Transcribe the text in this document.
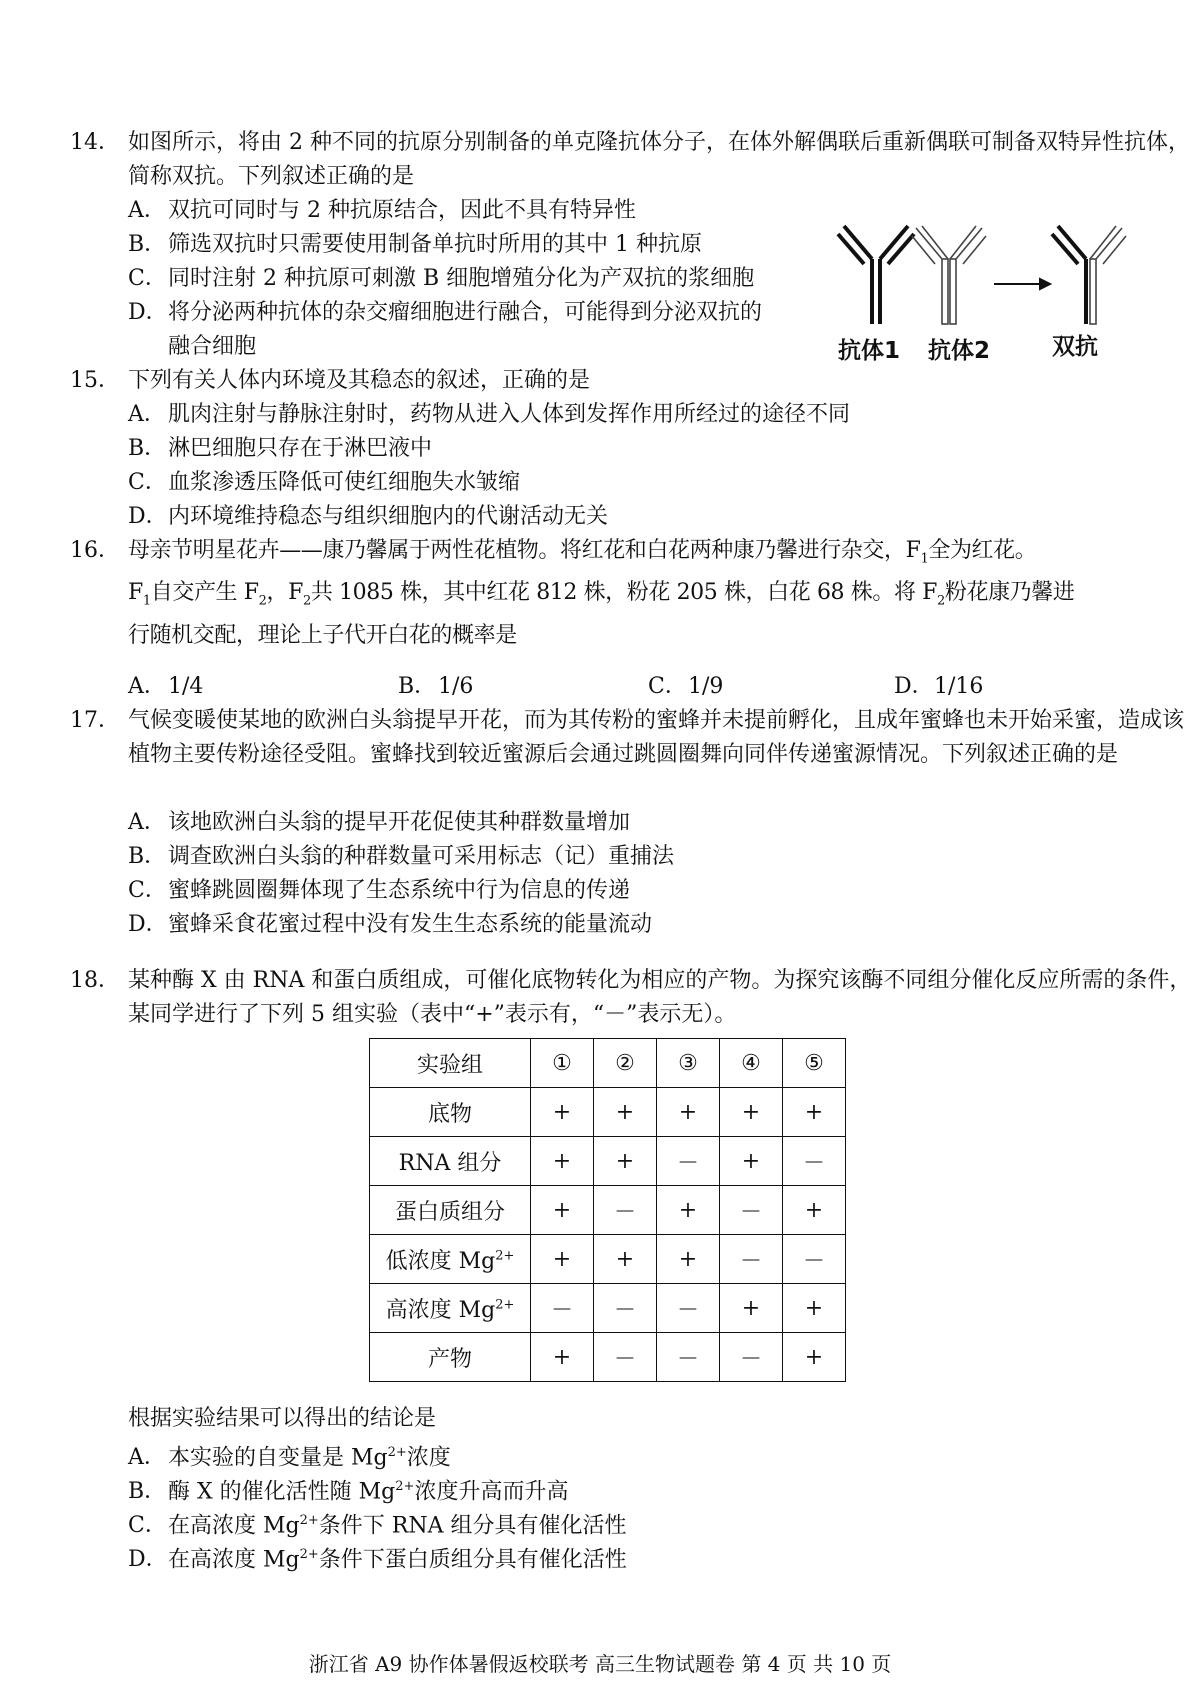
14． 如图所示，将由 2 种不同的抗原分别制备的单克隆抗体分子，在体外解偶联后重新偶联可制备双特异性抗体，简称双抗。下列叙述正确的是
A．双抗可同时与 2 种抗原结合，因此不具有特异性
B．筛选双抗时只需要使用制备单抗时所用的其中 1 种抗原
C．同时注射 2 种抗原可刺激 B 细胞增殖分化为产双抗的浆细胞
D．将分泌两种抗体的杂交瘤细胞进行融合，可能得到分泌双抗的
融合细胞	抗体1 抗体2	双抗
15． 下列有关人体内环境及其稳态的叙述，正确的是
A．肌肉注射与静脉注射时，药物从进入人体到发挥作用所经过的途径不同
B．淋巴细胞只存在于淋巴液中
C．血浆渗透压降低可使红细胞失水皱缩
D．内环境维持稳态与组织细胞内的代谢活动无关
16． 母亲节明星花卉——康乃馨属于两性花植物。将红花和白花两种康乃馨进行杂交，$F_1$全为红花。
$F_1$自交产生 $F_2$，$F_2$共 1085 株，其中红花 812 株，粉花 205 株，白花 68 株。将 $F_2$粉花康乃馨进
行随机交配，理论上子代开白花的概率是
A．1/4	B．1/6	C．1/9	D．1/16
17． 气候变暖使某地的欧洲白头翁提早开花，而为其传粉的蜜蜂并未提前孵化，且成年蜜蜂也未开始采蜜，造成该植物主要传粉途径受阻。蜜蜂找到较近蜜源后会通过跳圆圈舞向同伴传递蜜源情况。下列叙述正确的是
A．该地欧洲白头翁的提早开花促使其种群数量增加
B．调查欧洲白头翁的种群数量可采用标志（记）重捕法
C．蜜蜂跳圆圈舞体现了生态系统中行为信息的传递
D．蜜蜂采食花蜜过程中没有发生生态系统的能量流动
18． 某种酶 X 由 RNA 和蛋白质组成，可催化底物转化为相应的产物。为探究该酶不同组分催化反应所需的条件，某同学进行了下列 5 组实验（表中“+”表示有，“－”表示无）。
实验组	①	②	③	④	⑤
底物	+	+	+	+	+
RNA 组分	+	+	－	+	－
蛋白质组分	+	－	+	－	+
低浓度 $Mg^{2+}$	+	+	+	－	－
高浓度 $Mg^{2+}$	－	－	－	+	+
产物	+	－	－	－	+
根据实验结果可以得出的结论是
A．本实验的自变量是 $Mg^{2+}$浓度
B．酶 X 的催化活性随 $Mg^{2+}$浓度升高而升高
C．在高浓度 $Mg^{2+}$条件下 RNA 组分具有催化活性
D．在高浓度 $Mg^{2+}$条件下蛋白质组分具有催化活性
浙江省 A9 协作体暑假返校联考 高三生物试题卷 第 4 页 共 10 页
